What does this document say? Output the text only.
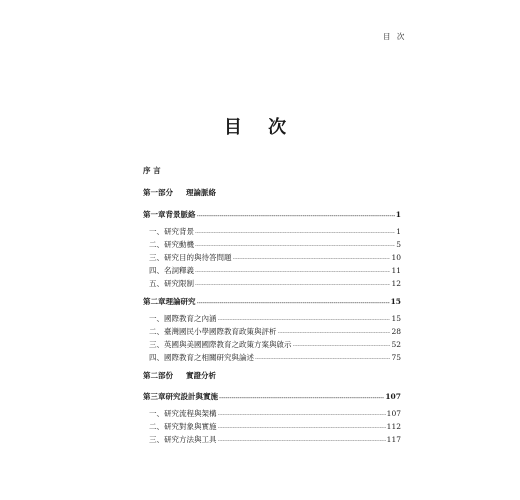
目 次
目 次
序 言
第一部分	理論脈絡
第一章 背景脈絡 -----	1
一、 研究背景 -----	1
二、 研究動機 -----	5
三、 研究目的與待答問題 -----	10
四、 名詞釋義 -----	11
五、 研究限制 -----	12
第二章 理論研究 -----	15
一、 國際教育之內涵 -----	15
二、 臺灣國民小學國際教育政策與評析 -----	28
三、 英國與美國國際教育之政策方案與啟示 -----	52
四、 國際教育之相關研究與論述 -----	75
第二部份	實證分析
第三章 研究設計與實施 -----	107
一、 研究流程與架構 -----	107
二、 研究對象與實施 -----	112
三、 研究方法與工具 -----	117
